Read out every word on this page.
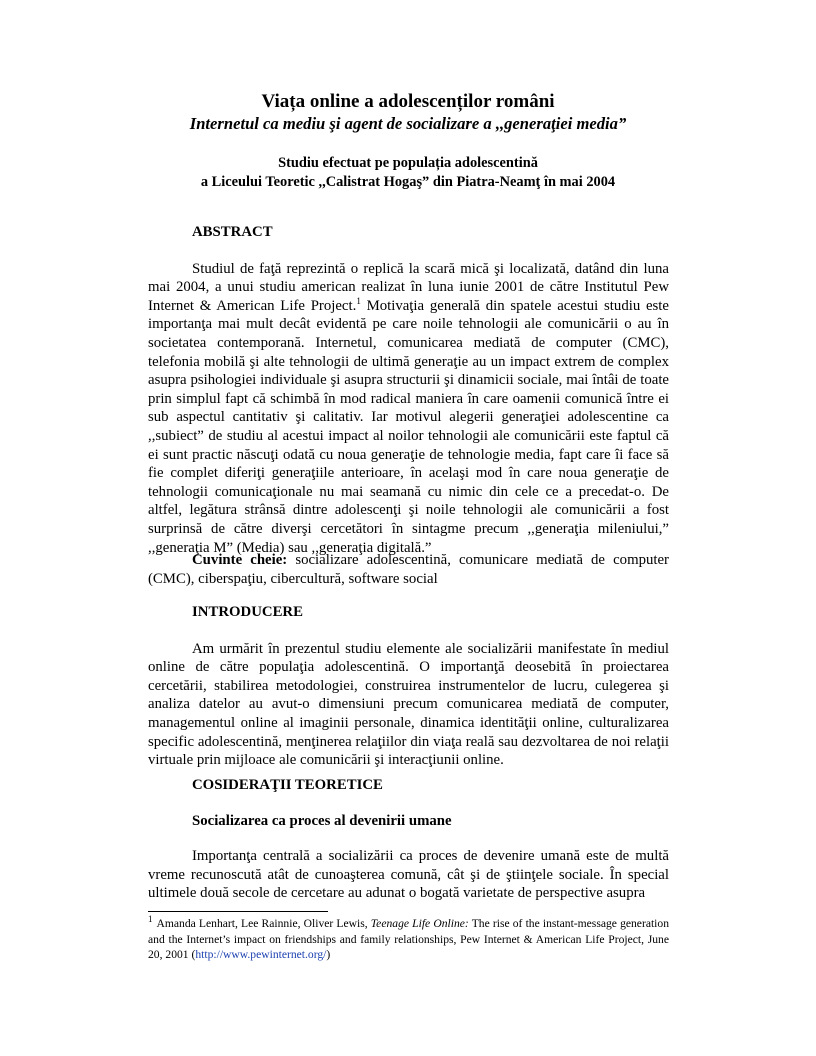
Viața online a adolescenților români
Internetul ca mediu şi agent de socializare a ,,generaţiei media”
Studiu efectuat pe populația adolescentină
a Liceului Teoretic ,,Calistrat Hogaş” din Piatra-Neamţ în mai 2004

ABSTRACT

Studiul de faţă reprezintă o replică la scară mică şi localizată, datând din luna mai 2004, a unui studiu american realizat în luna iunie 2001 de către Institutul Pew Internet & American Life Project.$^1$ Motivaţia generală din spatele acestui studiu este importanţa mai mult decât evidentă pe care noile tehnologii ale comunicării o au în societatea contemporană. Internetul, comunicarea mediată de computer (CMC), telefonia mobilă şi alte tehnologii de ultimă generaţie au un impact extrem de complex asupra psihologiei individuale şi asupra structurii şi dinamicii sociale, mai întâi de toate prin simplul fapt că schimbă în mod radical maniera în care oamenii comunică între ei sub aspectul cantitativ şi calitativ. Iar motivul alegerii generaţiei adolescentine ca ,,subiect” de studiu al acestui impact al noilor tehnologii ale comunicării este faptul că ei sunt practic născuţi odată cu noua generaţie de tehnologie media, fapt care îi face să fie complet diferiţi generaţiile anterioare, în acelaşi mod în care noua generaţie de tehnologii comunicaţionale nu mai seamană cu nimic din cele ce a precedat-o. De altfel, legătura strânsă dintre adolescenţi şi noile tehnologii ale comunicării a fost surprinsă de către diverşi cercetători în sintagme precum ,,generaţia mileniului,” ,,generaţia M” (Media) sau ,,generaţia digitală.”

Cuvinte cheie: socializare adolescentină, comunicare mediată de computer (CMC), ciberspaţiu, cibercultură, software social

INTRODUCERE

Am urmărit în prezentul studiu elemente ale socializării manifestate în mediul online de către populaţia adolescentină. O importanţă deosebită în proiectarea cercetării, stabilirea metodologiei, construirea instrumentelor de lucru, culegerea şi analiza datelor au avut-o dimensiuni precum comunicarea mediată de computer, managementul online al imaginii personale, dinamica identităţii online, culturalizarea specific adolescentină, menţinerea relaţiilor din viaţa reală sau dezvoltarea de noi relaţii virtuale prin mijloace ale comunicării şi interacţiunii online.

COSIDERAŢII TEORETICE

Socializarea ca proces al devenirii umane

Importanţa centrală a socializării ca proces de devenire umană este de multă vreme recunoscută atât de cunoaşterea comună, cât şi de ştiinţele sociale. În special ultimele două secole de cercetare au adunat o bogată varietate de perspective asupra

$^1$ Amanda Lenhart, Lee Rainnie, Oliver Lewis, Teenage Life Online: The rise of the instant-message generation and the Internet’s impact on friendships and family relationships, Pew Internet & American Life Project, June 20, 2001 (http://www.pewinternet.org/)
